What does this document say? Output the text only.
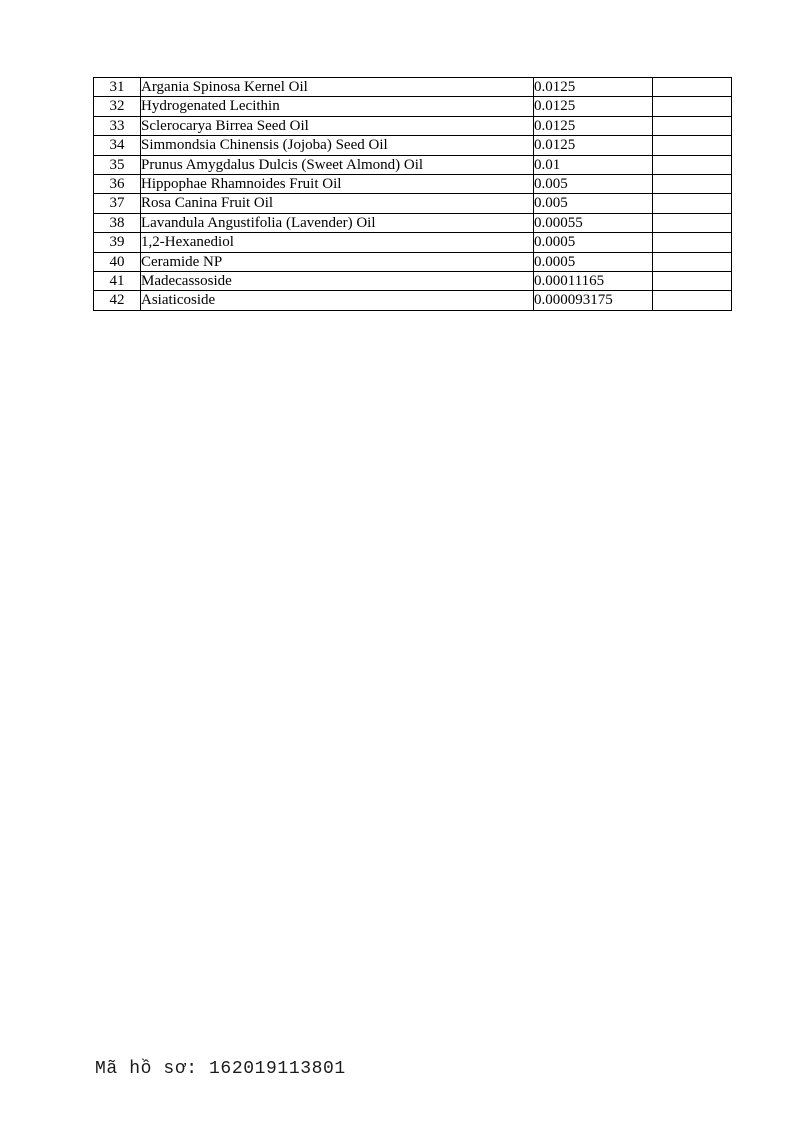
31	Argania Spinosa Kernel Oil	0.0125	
32	Hydrogenated Lecithin	0.0125	
33	Sclerocarya Birrea Seed Oil	0.0125	
34	Simmondsia Chinensis (Jojoba) Seed Oil	0.0125	
35	Prunus Amygdalus Dulcis (Sweet Almond) Oil	0.01	
36	Hippophae Rhamnoides Fruit Oil	0.005	
37	Rosa Canina Fruit Oil	0.005	
38	Lavandula Angustifolia (Lavender) Oil	0.00055	
39	1,2-Hexanediol	0.0005	
40	Ceramide NP	0.0005	
41	Madecassoside	0.00011165	
42	Asiaticoside	0.000093175	
Mã hồ sơ: 162019113801
